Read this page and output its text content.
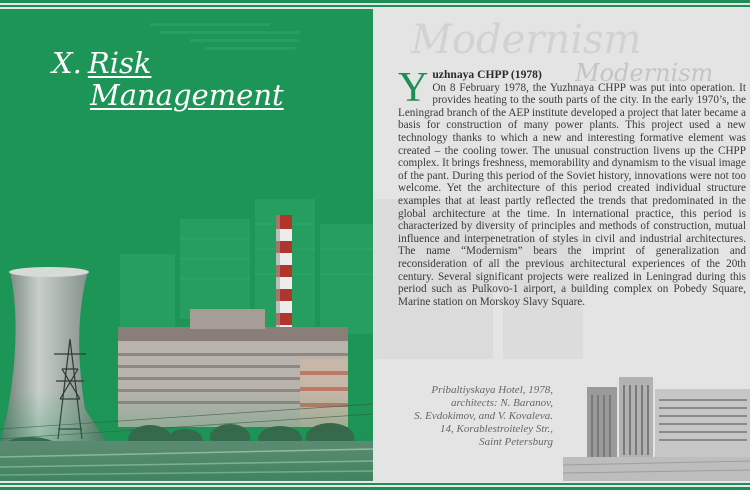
X. Risk
Management
Modernism
Modernism
Y uzhnaya CHPP (1978)
On 8 February 1978, the Yuzhnaya CHPP was put into operation. It provides heating to the south parts of the city. In the early 1970’s, the Leningrad branch of the AEP institute developed a project that later became a basis for construction of many power plants. This project used a new technology thanks to which a new and interesting formative element was created – the cooling tower. The unusual construction livens up the CHPP complex. It brings freshness, memorability and dynamism to the visual image of the pant. During this period of the Soviet history, innovations were not too welcome. Yet the architecture of this period created individual structure examples that at least partly reflected the trends that predominated in the global architecture at the time. In international practice, this period is characterized by diversity of principles and methods of construction, mutual influence and interpenetration of styles in civil and industrial architectures. The name “Modernism” bears the imprint of generalization and reconsideration of all the previous architectural experiences of the 20th century. Several significant projects were realized in Leningrad during this period such as Pulkovo-1 airport, a building complex on Pobedy Square, Marine station on Morskoy Slavy Square.
Pribaltiyskaya Hotel, 1978,
architects: N. Baranov,
S. Evdokimov, and V. Kovaleva.
14, Korablestroiteley Str.,
Saint Petersburg
